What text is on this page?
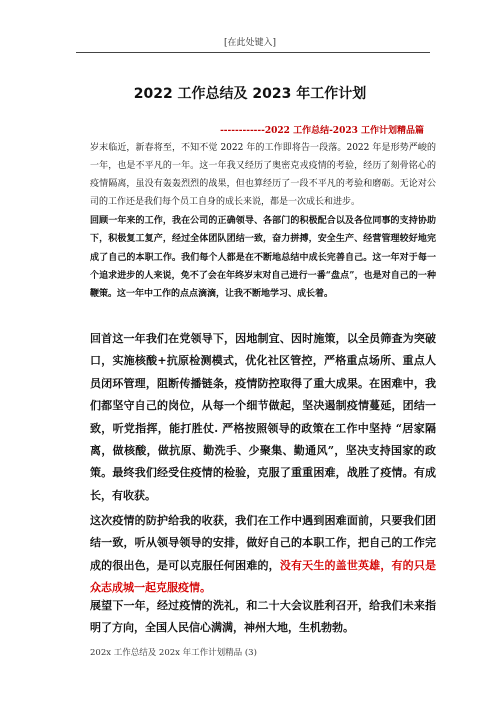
[在此处键入]
2022 工作总结及 2023 年工作计划
------------2022 工作总结-2023 工作计划精品篇

岁末临近，新春将至，不知不觉 2022 年的工作即将告一段落。2022 年是形势严峻的一年，也是不平凡的一年。这一年我又经历了奥密克戎疫情的考验，经历了刻骨铭心的疫情隔离，虽没有轰轰烈烈的战果，但也算经历了一段不平凡的考验和磨砺。无论对公司的工作还是我们每个员工自身的成长来说，都是一次成长和进步。

回顾一年来的工作，我在公司的正确领导、各部门的积极配合以及各位同事的支持协助下，积极复工复产，经过全体团队团结一致，奋力拼搏，安全生产、经营管理较好地完成了自己的本职工作。我们每个人都是在不断地总结中成长完善自己。这一年对于每一个追求进步的人来说，免不了会在年终岁末对自己进行一番“盘点”，也是对自己的一种鞭策。这一年中工作的点点滴滴，让我不断地学习、成长着。

回首这一年我们在党领导下，因地制宜、因时施策，以全员筛查为突破口，实施核酸+抗原检测模式，优化社区管控，严格重点场所、重点人员闭环管理，阻断传播链条，疫情防控取得了重大成果。在困难中，我们都坚守自己的岗位，从每一个细节做起，坚决遏制疫情蔓延，团结一致，听党指挥，能打胜仗. 严格按照领导的政策在工作中坚持 “居家隔离，做核酸，做抗原、勤洗手、少聚集、勤通风”，坚决支持国家的政策。最终我们经受住疫情的检验，克服了重重困难，战胜了疫情。有成长，有收获。

这次疫情的防护给我的收获，我们在工作中遇到困难面前，只要我们团结一致，听从领导领导的安排，做好自己的本职工作，把自己的工作完成的很出色，是可以克服任何困难的，没有天生的盖世英雄，有的只是众志成城一起克服疫情。

展望下一年，经过疫情的洗礼，和二十大会议胜利召开，给我们未来指明了方向，全国人民信心满满，神州大地，生机勃勃。

202x 工作总结及 202x 年工作计划精品 (3)
